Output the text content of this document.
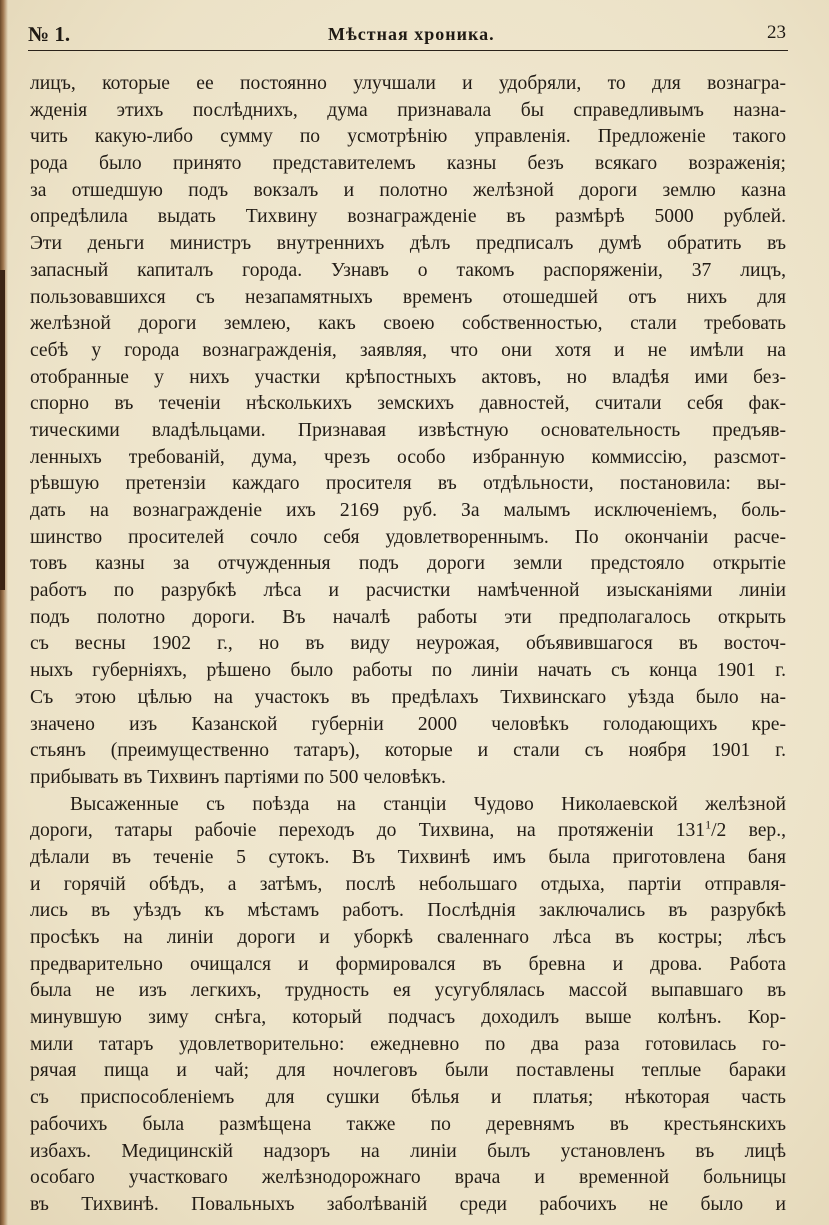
№ 1.	Мѣстная хроника.	23
лицъ, которые ее постоянно улучшали и удобряли, то для вознагра-
жденія этихъ послѣднихъ, дума признавала бы справедливымъ назна-
чить какую-либо сумму по усмотрѣнію управленія. Предложеніе такого
рода было принято представителемъ казны безъ всякаго возраженія;
за отшедшую подъ вокзалъ и полотно желѣзной дороги землю казна
опредѣлила выдать Тихвину вознагражденіе въ размѣрѣ 5000 рублей.
Эти деньги министръ внутреннихъ дѣлъ предписалъ думѣ обратить въ
запасный капиталъ города. Узнавъ о такомъ распоряженіи, 37 лицъ,
пользовавшихся съ незапамятныхъ временъ отошедшей отъ нихъ для
желѣзной дороги землею, какъ своею собственностью, стали требовать
себѣ у города вознагражденія, заявляя, что они хотя и не имѣли на
отобранные у нихъ участки крѣпостныхъ актовъ, но владѣя ими без-
спорно въ теченіи нѣсколькихъ земскихъ давностей, считали себя фак-
тическими владѣльцами. Признавая извѣстную основательность предъяв-
ленныхъ требованій, дума, чрезъ особо избранную коммиссію, разсмот-
рѣвшую претензіи каждаго просителя въ отдѣльности, постановила: вы-
дать на вознагражденіе ихъ 2169 руб. За малымъ исключеніемъ, боль-
шинство просителей сочло себя удовлетвореннымъ. По окончаніи расче-
товъ казны за отчужденныя подъ дороги земли предстояло открытіе
работъ по разрубкѣ лѣса и расчистки намѣченной изысканіями линіи
подъ полотно дороги. Въ началѣ работы эти предполагалось открыть
съ весны 1902 г., но въ виду неурожая, объявившагося въ восточ-
ныхъ губерніяхъ, рѣшено было работы по линіи начать съ конца 1901 г.
Съ этою цѣлью на участокъ въ предѣлахъ Тихвинскаго уѣзда было на-
значено изъ Казанской губерніи 2000 человѣкъ голодающихъ кре-
стьянъ (преимущественно татаръ), которые и стали съ ноября 1901 г.
прибывать въ Тихвинъ партіями по 500 человѣкъ.
Высаженные съ поѣзда на станціи Чудово Николаевской желѣзной
дороги, татары рабочіе переходъ до Тихвина, на протяженіи $131^1/2$ вер.,
дѣлали въ теченіе 5 сутокъ. Въ Тихвинѣ имъ была приготовлена баня
и горячій обѣдъ, а затѣмъ, послѣ небольшаго отдыха, партіи отправля-
лись въ уѣздъ къ мѣстамъ работъ. Послѣднія заключались въ разрубкѣ
просѣкъ на линіи дороги и уборкѣ сваленнаго лѣса въ костры; лѣсъ
предварительно очищался и формировался въ бревна и дрова. Работа
была не изъ легкихъ, трудность ея усугублялась массой выпавшаго въ
минувшую зиму снѣга, который подчасъ доходилъ выше колѣнъ. Кор-
мили татаръ удовлетворительно: ежедневно по два раза готовилась го-
рячая пища и чай; для ночлеговъ были поставлены теплые бараки
съ приспособленіемъ для сушки бѣлья и платья; нѣкоторая часть
рабочихъ была размѣщена также по деревнямъ въ крестьянскихъ
избахъ. Медицинскій надзоръ на линіи былъ установленъ въ лицѣ
особаго участковаго желѣзнодорожнаго врача и временной больницы
въ Тихвинѣ. Повальныхъ заболѣваній среди рабочихъ не было и
